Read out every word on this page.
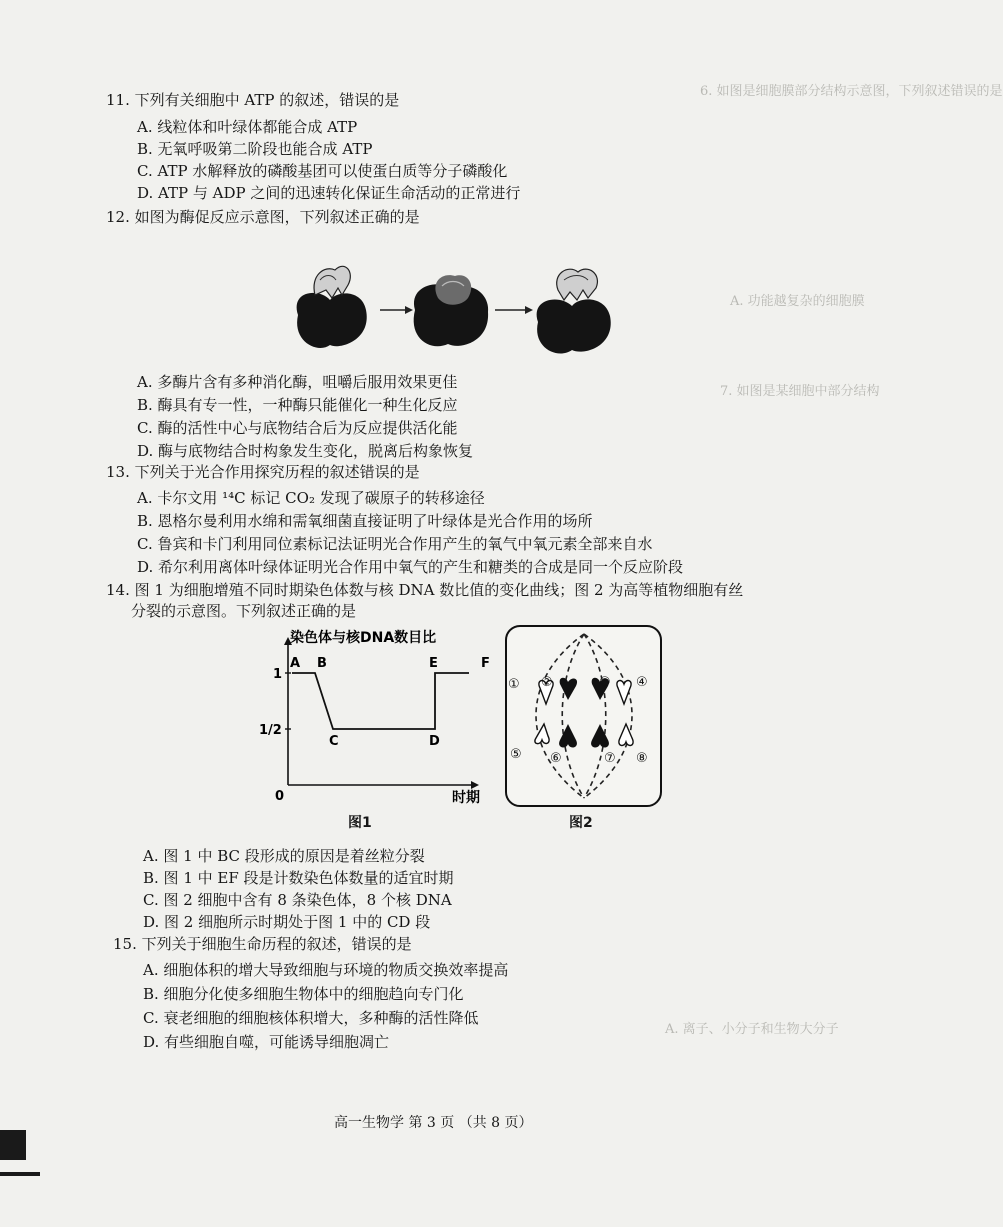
6. 如图是细胞膜部分结构示意图，下列叙述错误的是
A. 功能越复杂的细胞膜
7. 如图是某细胞中部分结构
A. 离子、小分子和生物大分子
11. 下列有关细胞中 ATP 的叙述，错误的是
A. 线粒体和叶绿体都能合成 ATP
B. 无氧呼吸第二阶段也能合成 ATP
C. ATP 水解释放的磷酸基团可以使蛋白质等分子磷酸化
D. ATP 与 ADP 之间的迅速转化保证生命活动的正常进行
12. 如图为酶促反应示意图，下列叙述正确的是
A. 多酶片含有多种消化酶，咀嚼后服用效果更佳
B. 酶具有专一性，一种酶只能催化一种生化反应
C. 酶的活性中心与底物结合后为反应提供活化能
D. 酶与底物结合时构象发生变化，脱离后构象恢复
13. 下列关于光合作用探究历程的叙述错误的是
A. 卡尔文用 ¹⁴C 标记 CO₂ 发现了碳原子的转移途径
B. 恩格尔曼利用水绵和需氧细菌直接证明了叶绿体是光合作用的场所
C. 鲁宾和卡门利用同位素标记法证明光合作用产生的氧气中氧元素全部来自水
D. 希尔利用离体叶绿体证明光合作用中氧气的产生和糖类的合成是同一个反应阶段
14. 图 1 为细胞增殖不同时期染色体数与核 DNA 数比值的变化曲线；图 2 为高等植物细胞有丝
分裂的示意图。下列叙述正确的是
染色体与核DNA数目比
0	时期
1
1/2
A B
C	D
E	F
图1
① ②	③ ④
⑤ ⑥	⑦ ⑧
图2
A. 图 1 中 BC 段形成的原因是着丝粒分裂
B. 图 1 中 EF 段是计数染色体数量的适宜时期
C. 图 2 细胞中含有 8 条染色体，8 个核 DNA
D. 图 2 细胞所示时期处于图 1 中的 CD 段
15. 下列关于细胞生命历程的叙述，错误的是
A. 细胞体积的增大导致细胞与环境的物质交换效率提高
B. 细胞分化使多细胞生物体中的细胞趋向专门化
C. 衰老细胞的细胞核体积增大，多种酶的活性降低
D. 有些细胞自噬，可能诱导细胞凋亡
高一生物学 第 3 页 （共 8 页）
